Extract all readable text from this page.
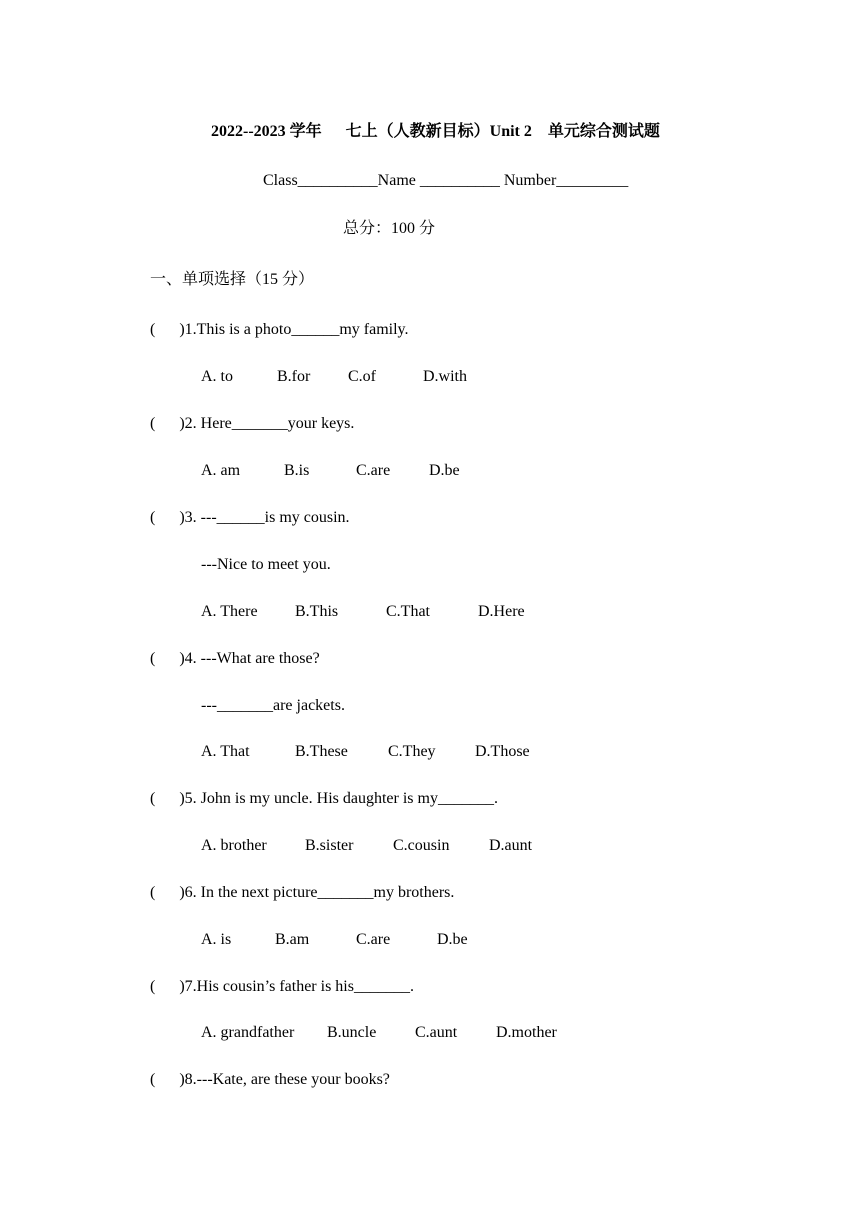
2022--2023 学年      七上（人教新目标）Unit 2    单元综合测试题
Class__________Name __________ Number_________
总分：100 分
一、单项选择（15 分）
(      )1.This is a photo______my family.
A. to	B.for C.of	D.with
(      )2. Here_______your keys.
A. am	B.is	C.are D.be
(      )3. ---______is my cousin.
---Nice to meet you.
A. There B.This	C.That	D.Here
(      )4. ---What are those?
---_______are jackets.
A. That	B.These	C.They D.Those
(      )5. John is my uncle. His daughter is my_______.
A. brother B.sister C.cousin D.aunt
(      )6. In the next picture_______my brothers.
A. is	B.am	C.are	D.be
(      )7.His cousin’s father is his_______.
A. grandfather B.uncle C.aunt D.mother
(      )8.---Kate, are these your books?
